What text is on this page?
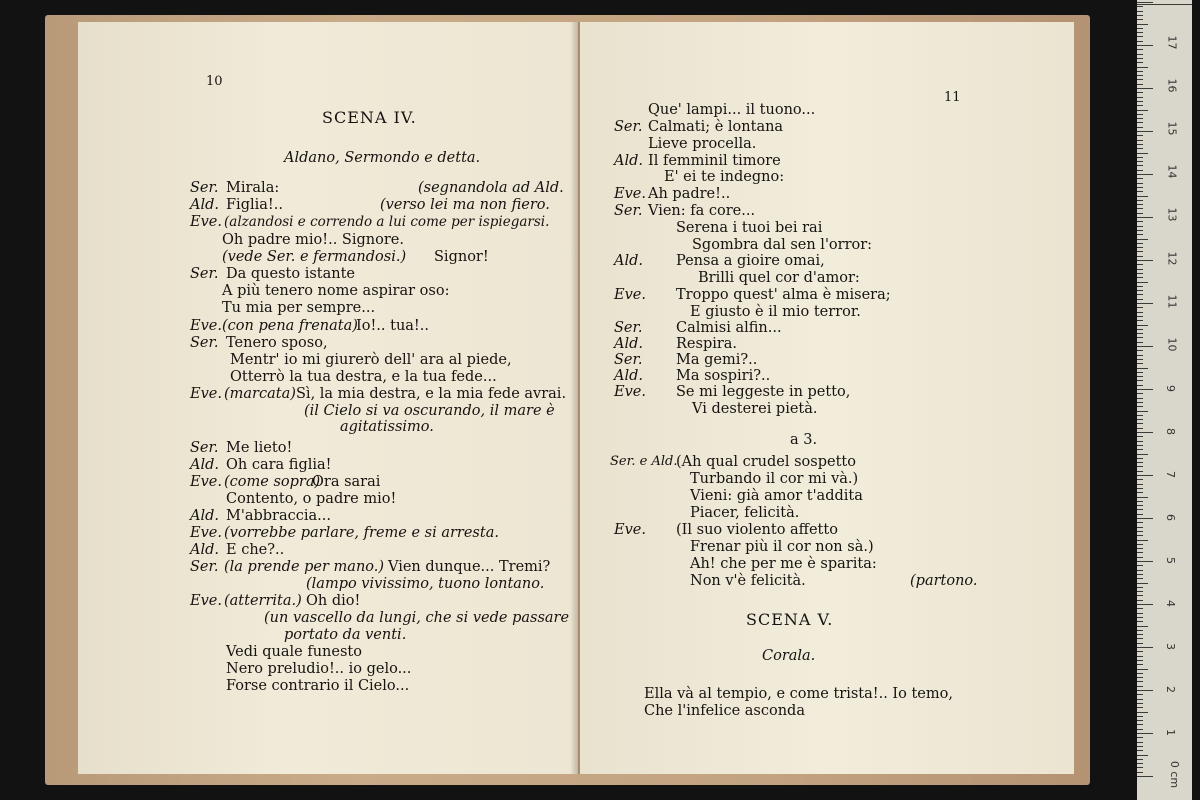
10
SCENA IV.
Aldano, Sermondo e detta.
Ser. Mirala:	(segnandola ad Ald.
Ald. Figlia!..	(verso lei ma non fiero.
Eve. (alzandosi e correndo a lui come per ispiegarsi.
Oh padre mio!.. Signore.
(vede Ser. e fermandosi.) Signor!
Ser. Da questo istante
A più tenero nome aspirar oso:
Tu mia per sempre...
Eve. (con pena frenata)
Io!.. tua!..
Ser. Tenero sposo,
Mentr' io mi giurerò dell' ara al piede,
Otterrò la tua destra, e la tua fede...
Eve. (marcata) Sì, la mia destra, e la mia fede avrai.
(il Cielo si va oscurando, il mare è
agitatissimo.
Ser. Me lieto!
Ald. Oh cara figlia!
Eve. (come sopra)
Ora sarai
Contento, o padre mio!
Ald. M'abbraccia...
Eve. (vorrebbe parlare, freme e si arresta.
Ald. E che?..
Ser. (la prende per mano.) Vien dunque... Tremi?
(lampo vivissimo, tuono lontano.
Eve. (atterrita.) Oh dio!
(un vascello da lungi, che si vede passare
portato da venti.
Vedi quale funesto
Nero preludio!.. io gelo...
Forse contrario il Cielo...
11
Que' lampi... il tuono...
Ser. Calmati; è lontana
Lieve procella.
Ald. Il femminil timore
E' ei te indegno:
Eve. Ah padre!..
Ser. Vien: fa core...
Serena i tuoi bei rai
Sgombra dal sen l'orror:
Ald. Pensa a gioire omai,
Brilli quel cor d'amor:
Eve. Troppo quest' alma è misera;
E giusto è il mio terror.
Ser. Calmisi alfin...
Ald. Respira.
Ser. Ma gemi?..
Ald. Ma sospiri?..
Eve. Se mi leggeste in petto,
Vi desterei pietà.
a 3.
Ser. e Ald.
(Ah qual crudel sospetto
Turbando il cor mi và.)
Vieni: già amor t'addita
Piacer, felicità.
Eve. (Il suo violento affetto
Frenar più il cor non sà.)
Ah! che per me è sparita:
Non v'è felicità.	(partono.
SCENA V.
Corala.
Ella và al tempio, e come trista!.. Io temo,
Che l'infelice asconda
17
16
15
14
13
12
11
10
9
8
7
6
5
4
3
2
1
0 cm
